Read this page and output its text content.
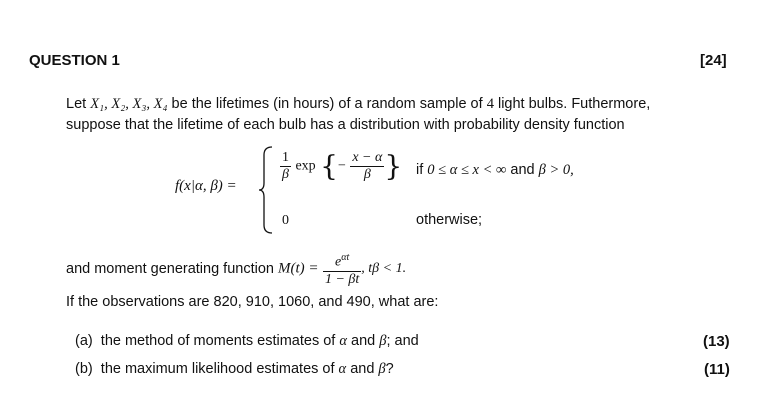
QUESTION 1	[24]
Let X₁, X₂, X₃, X₄ be the lifetimes (in hours) of a random sample of 4 light bulbs. Futhermore,
suppose that the lifetime of each bulb has a distribution with probability density function
f(x|α, β) =
$\frac{1}{\beta}$ exp {− $\frac{x - \alpha}{\beta}$ } if 0 ≤ α ≤ x < ∞ and β > 0,
0	otherwise;
and moment generating function $M(t) = \frac{e^{\alpha t}}{1 - \beta t}$ , tβ < 1.
If the observations are 820, 910, 1060, and 490, what are:
(a) the method of moments estimates of α and β; and	(13)
(b) the maximum likelihood estimates of α and β?	(11)
